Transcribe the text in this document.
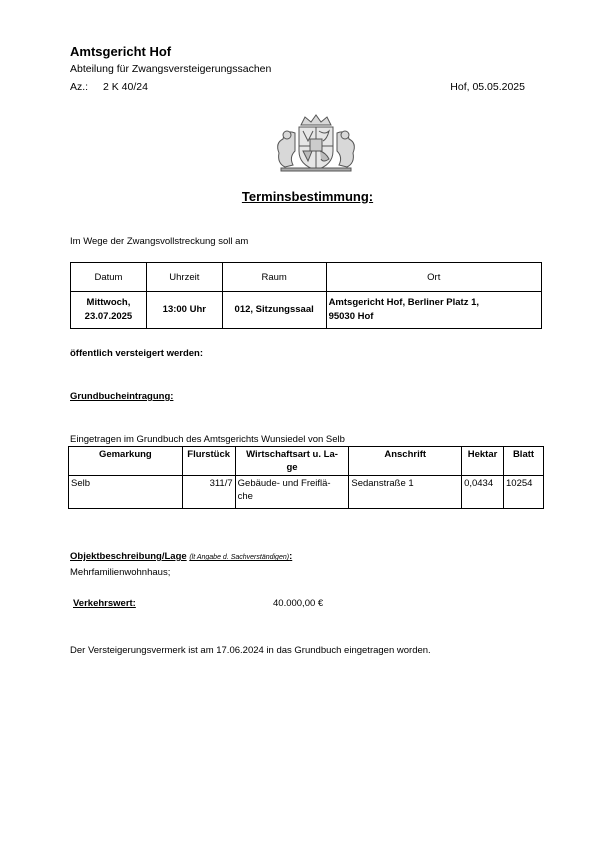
Amtsgericht Hof
Abteilung für Zwangsversteigerungssachen
Az.: 2 K 40/24	Hof, 05.05.2025
Terminsbestimmung:
Im Wege der Zwangsvollstreckung soll am
Datum	Uhrzeit	Raum	Ort
Mittwoch,
23.07.2025	13:00 Uhr	012, Sitzungssaal	Amtsgericht Hof, Berliner Platz 1,
95030 Hof
öffentlich versteigert werden:
Grundbucheintragung:
Eingetragen im Grundbuch des Amtsgerichts Wunsiedel von Selb
Gemarkung	Flurstück	Wirtschaftsart u. La-
ge	Anschrift	Hektar	Blatt
Selb	311/7	Gebäude- und Freiflä-
che	Sedanstraße 1	0,0434	10254
Objektbeschreibung/Lage (lt Angabe d. Sachverständigen):
Mehrfamilienwohnhaus;
Verkehrswert:	40.000,00 €
Der Versteigerungsvermerk ist am 17.06.2024 in das Grundbuch eingetragen worden.
